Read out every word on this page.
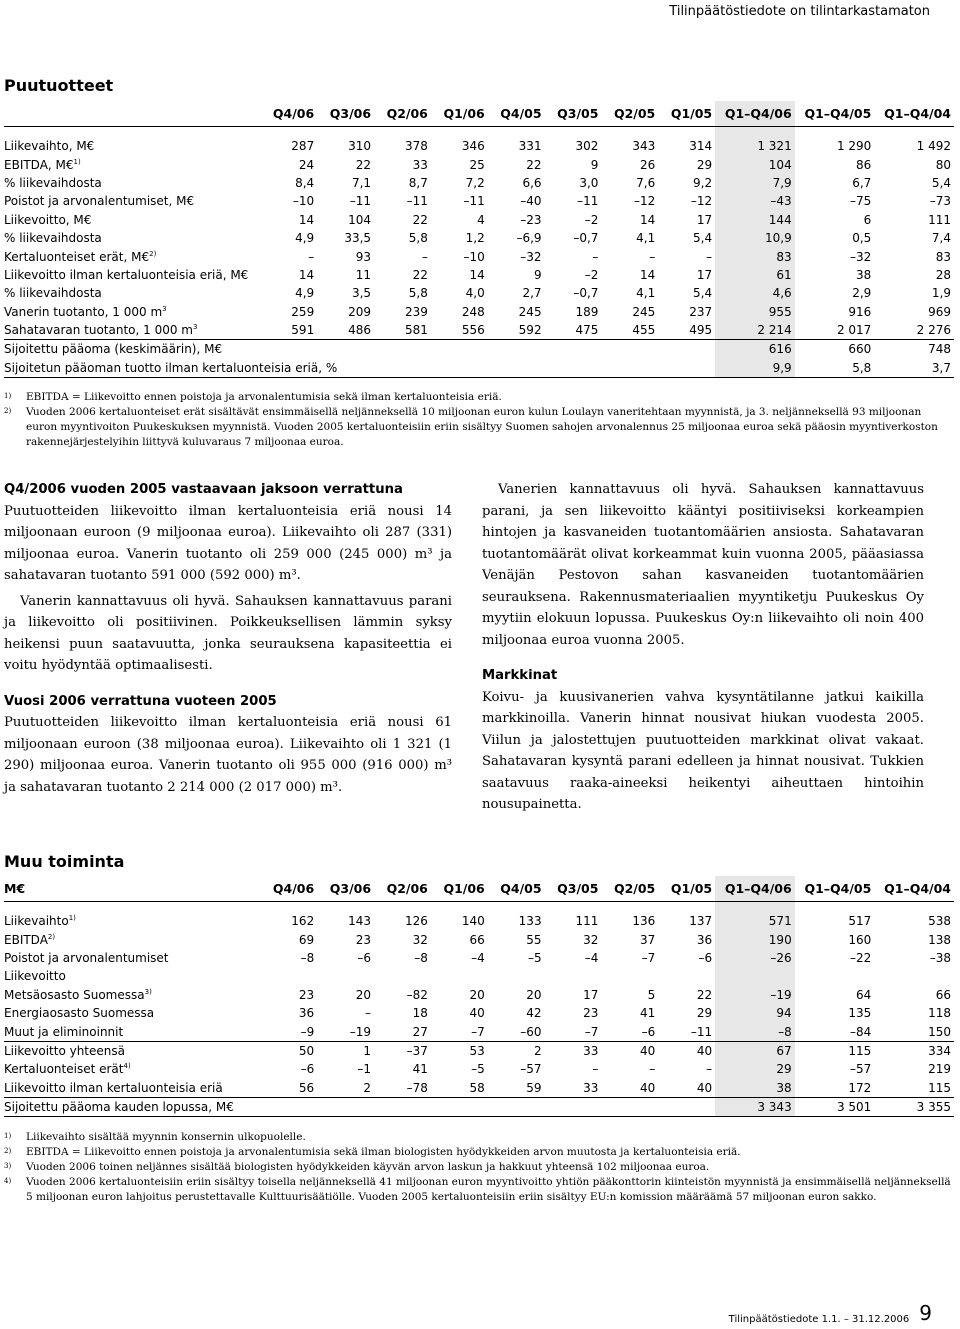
Tilinpäätöstiedote on tilintarkastamaton
Puutuotteet
	Q4/06	Q3/06	Q2/06	Q1/06	Q4/05	Q3/05	Q2/05	Q1/05	Q1–Q4/06	Q1–Q4/05	Q1–Q4/04

Liikevaihto, M€	287	310	378	346	331	302	343	314	1 321	1 290	1 492
EBITDA, M€$^{1)}$	24	22	33	25	22	9	26	29	104	86	80
% liikevaihdosta	8,4	7,1	8,7	7,2	6,6	3,0	7,6	9,2	7,9	6,7	5,4
Poistot ja arvonalentumiset, M€	–10	–11	–11	–11	–40	–11	–12	–12	–43	–75	–73
Liikevoitto, M€	14	104	22	4	–23	–2	14	17	144	6	111
% liikevaihdosta	4,9	33,5	5,8	1,2	–6,9	–0,7	4,1	5,4	10,9	0,5	7,4
Kertaluonteiset erät, M€$^{2)}$	–	93	–	–10	–32	–	–	–	83	–32	83
Liikevoitto ilman kertaluonteisia eriä, M€	14	11	22	14	9	–2	14	17	61	38	28
% liikevaihdosta	4,9	3,5	5,8	4,0	2,7	–0,7	4,1	5,4	4,6	2,9	1,9
Vanerin tuotanto, 1 000 $m^3$	259	209	239	248	245	189	245	237	955	916	969
Sahatavaran tuotanto, 1 000 $m^3$	591	486	581	556	592	475	455	495	2 214	2 017	2 276
Sijoitettu pääoma (keskimäärin), M€									616	660	748
Sijoitetun pääoman tuotto ilman kertaluonteisia eriä, %									9,9	5,8	3,7
1)	EBITDA = Liikevoitto ennen poistoja ja arvonalentumisia sekä ilman kertaluonteisia eriä.
2)	Vuoden 2006 kertaluonteiset erät sisältävät ensimmäisellä neljänneksellä 10 miljoonan euron kulun Loulayn vaneritehtaan myynnistä, ja 3. neljänneksellä 93 miljoonan euron myyntivoiton Puukeskuksen myynnistä. Vuoden 2005 kertaluonteisiin eriin sisältyy Suomen sahojen arvonalennus 25 miljoonaa euroa sekä pääosin myyntiverkoston rakennejärjestelyihin liittyvä kuluvaraus 7 miljoonaa euroa.
Q4/2006 vuoden 2005 vastaavaan jaksoon verrattuna

Puutuotteiden liikevoitto ilman kertaluonteisia eriä nousi 14 miljoonaan euroon (9 miljoonaa euroa). Liikevaihto oli 287 (331) miljoonaa euroa. Vanerin tuotanto oli 259 000 (245 000) m³ ja sahatavaran tuotanto 591 000 (592 000) m³.

Vanerin kannattavuus oli hyvä. Sahauksen kannattavuus parani ja liikevoitto oli positiivinen. Poikkeuksellisen lämmin syksy heikensi puun saatavuutta, jonka seurauksena kapasiteettia ei voitu hyödyntää optimaalisesti.

Vuosi 2006 verrattuna vuoteen 2005

Puutuotteiden liikevoitto ilman kertaluonteisia eriä nousi 61 miljoonaan euroon (38 miljoonaa euroa). Liikevaihto oli 1 321 (1 290) miljoonaa euroa. Vanerin tuotanto oli 955 000 (916 000) m³ ja sahatavaran tuotanto 2 214 000 (2 017 000) m³.

Vanerien kannattavuus oli hyvä. Sahauksen kannattavuus parani, ja sen liikevoitto kääntyi positiiviseksi korkeampien hintojen ja kasvaneiden tuotantomäärien ansiosta. Sahatavaran tuotantomäärät olivat korkeammat kuin vuonna 2005, pääasiassa Venäjän Pestovon sahan kasvaneiden tuotantomäärien seurauksena. Rakennusmateriaalien myyntiketju Puukeskus Oy myytiin elokuun lopussa. Puukeskus Oy:n liikevaihto oli noin 400 miljoonaa euroa vuonna 2005.

Markkinat

Koivu- ja kuusivanerien vahva kysyntätilanne jatkui kaikilla markkinoilla. Vanerin hinnat nousivat hiukan vuodesta 2005. Viilun ja jalostettujen puutuotteiden markkinat olivat vakaat. Sahatavaran kysyntä parani edelleen ja hinnat nousivat. Tukkien saatavuus raaka-aineeksi heikentyi aiheuttaen hintoihin nousupainetta.

Muu toiminta
M€	Q4/06	Q3/06	Q2/06	Q1/06	Q4/05	Q3/05	Q2/05	Q1/05	Q1–Q4/06	Q1–Q4/05	Q1–Q4/04

Liikevaihto$^{1)}$	162	143	126	140	133	111	136	137	571	517	538
EBITDA$^{2)}$	69	23	32	66	55	32	37	36	190	160	138
Poistot ja arvonalentumiset	–8	–6	–8	–4	–5	–4	–7	–6	–26	–22	–38
Liikevoitto											
Metsäosasto Suomessa$^{3)}$	23	20	–82	20	20	17	5	22	–19	64	66
Energiaosasto Suomessa	36	–	18	40	42	23	41	29	94	135	118
Muut ja eliminoinnit	–9	–19	27	–7	–60	–7	–6	–11	–8	–84	150
Liikevoitto yhteensä	50	1	–37	53	2	33	40	40	67	115	334
Kertaluonteiset erät$^{4)}$	–6	–1	41	–5	–57	–	–	–	29	–57	219
Liikevoitto ilman kertaluonteisia eriä	56	2	–78	58	59	33	40	40	38	172	115
Sijoitettu pääoma kauden lopussa, M€									3 343	3 501	3 355
1)	Liikevaihto sisältää myynnin konsernin ulkopuolelle.
2)	EBITDA = Liikevoitto ennen poistoja ja arvonalentumisia sekä ilman biologisten hyödykkeiden arvon muutosta ja kertaluonteisia eriä.
3)	Vuoden 2006 toinen neljännes sisältää biologisten hyödykkeiden käyvän arvon laskun ja hakkuut yhteensä 102 miljoonaa euroa.
4)	Vuoden 2006 kertaluonteisiin eriin sisältyy toisella neljänneksellä 41 miljoonan euron myyntivoitto yhtiön pääkonttorin kiinteistön myynnistä ja ensimmäisellä neljänneksellä 5 miljoonan euron lahjoitus perustettavalle Kulttuurisäätiölle. Vuoden 2005 kertaluonteisiin eriin sisältyy EU:n komission määräämä 57 miljoonan euron sakko.
Tilinpäätöstiedote 1.1. – 31.12.2006 9
